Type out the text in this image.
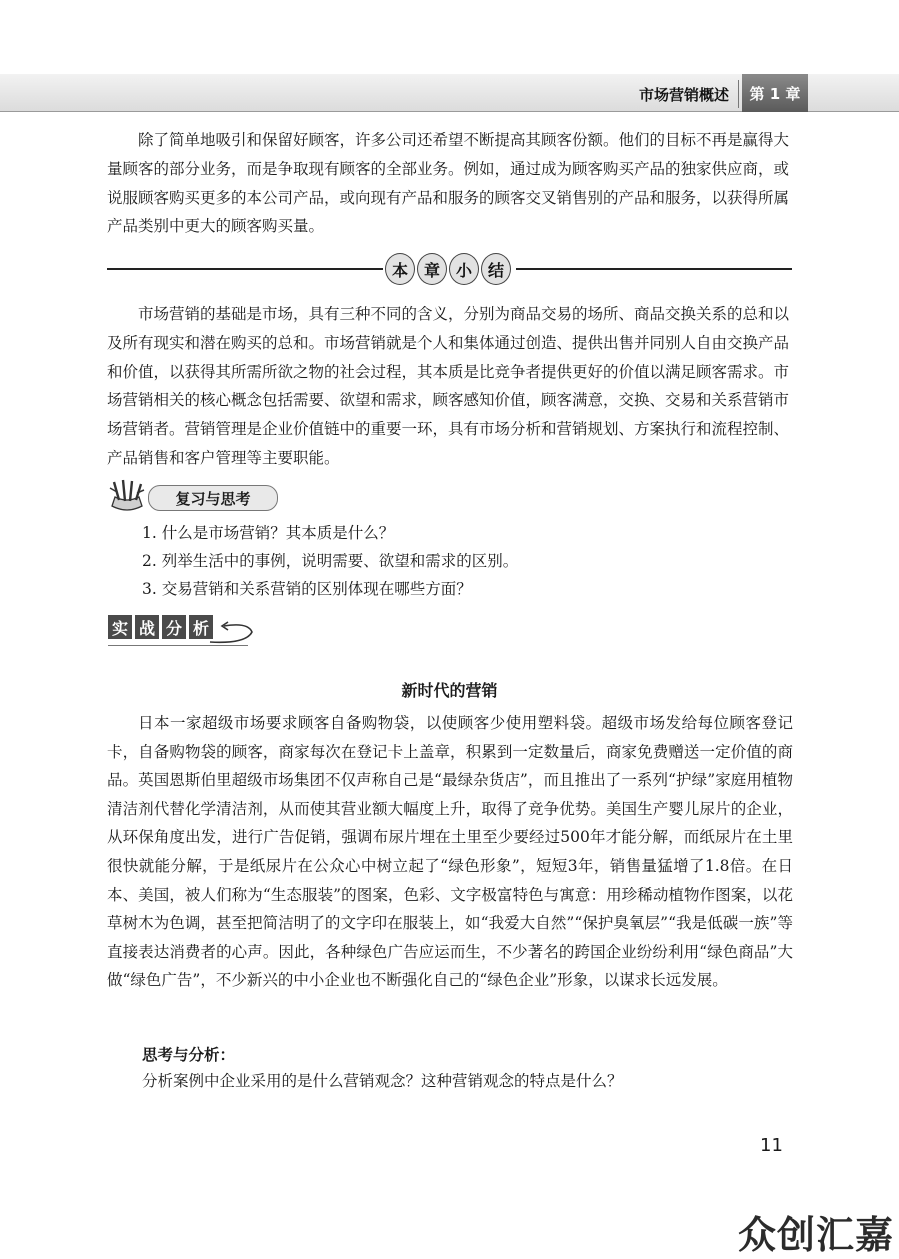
市场营销概述	第 1 章

除了简单地吸引和保留好顾客，许多公司还希望不断提高其顾客份额。他们的目标不再是赢得大量顾客的部分业务，而是争取现有顾客的全部业务。例如，通过成为顾客购买产品的独家供应商，或说服顾客购买更多的本公司产品，或向现有产品和服务的顾客交叉销售别的产品和服务，以获得所属产品类别中更大的顾客购买量。

本 章 小 结

市场营销的基础是市场，具有三种不同的含义，分别为商品交易的场所、商品交换关系的总和以及所有现实和潜在购买的总和。市场营销就是个人和集体通过创造、提供出售并同别人自由交换产品和价值，以获得其所需所欲之物的社会过程，其本质是比竞争者提供更好的价值以满足顾客需求。市场营销相关的核心概念包括需要、欲望和需求，顾客感知价值，顾客满意，交换、交易和关系营销市场营销者。营销管理是企业价值链中的重要一环，具有市场分析和营销规划、方案执行和流程控制、产品销售和客户管理等主要职能。

复习与思考
1. 什么是市场营销？其本质是什么？
2. 列举生活中的事例，说明需要、欲望和需求的区别。
3. 交易营销和关系营销的区别体现在哪些方面？
实 战 分 析
新时代的营销

日本一家超级市场要求顾客自备购物袋，以使顾客少使用塑料袋。超级市场发给每位顾客登记卡，自备购物袋的顾客，商家每次在登记卡上盖章，积累到一定数量后，商家免费赠送一定价值的商品。英国恩斯伯里超级市场集团不仅声称自己是“最绿杂货店”，而且推出了一系列“护绿”家庭用植物清洁剂代替化学清洁剂，从而使其营业额大幅度上升，取得了竞争优势。美国生产婴儿尿片的企业，从环保角度出发，进行广告促销，强调布尿片埋在土里至少要经过500年才能分解，而纸尿片在土里很快就能分解，于是纸尿片在公众心中树立起了“绿色形象”，短短3年，销售量猛增了1.8倍。在日本、美国，被人们称为“生态服装”的图案，色彩、文字极富特色与寓意：用珍稀动植物作图案，以花草树木为色调，甚至把简洁明了的文字印在服装上，如“我爱大自然”“保护臭氧层”“我是低碳一族”等直接表达消费者的心声。因此，各种绿色广告应运而生，不少著名的跨国企业纷纷利用“绿色商品”大做“绿色广告”，不少新兴的中小企业也不断强化自己的“绿色企业”形象，以谋求长远发展。

思考与分析：
分析案例中企业采用的是什么营销观念？这种营销观念的特点是什么？
11
众创汇嘉
